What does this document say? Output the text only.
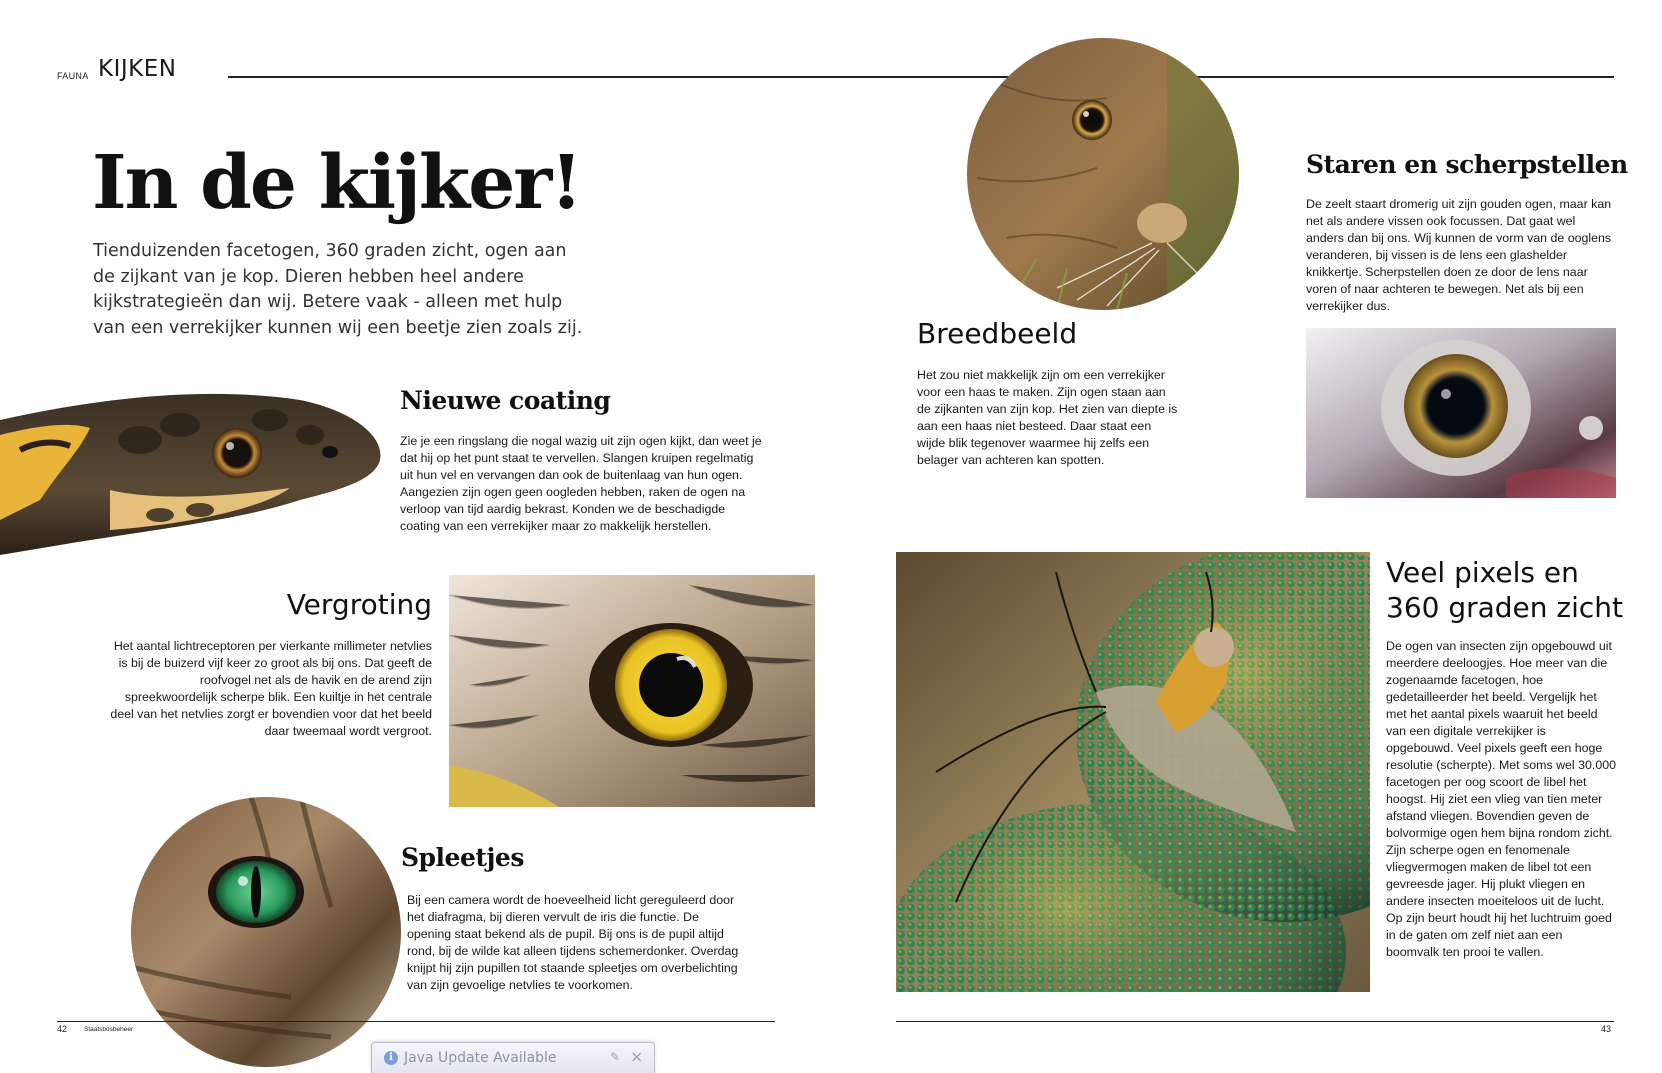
FAUNA KIJKEN
In de kijker!
Tienduizenden facetogen, 360 graden zicht, ogen aan de zijkant van je kop. Dieren hebben heel andere kijkstrategieën dan wij. Betere vaak - alleen met hulp van een verrekijker kunnen wij een beetje zien zoals zij.
Nieuwe coating
Zie je een ringslang die nogal wazig uit zijn ogen kijkt, dan weet je dat hij op het punt staat te vervellen. Slangen kruipen regelmatig uit hun vel en vervangen dan ook de buitenlaag van hun ogen. Aangezien zijn ogen geen oogleden hebben, raken de ogen na verloop van tijd aardig bekrast. Konden we de beschadigde coating van een verrekijker maar zo makkelijk herstellen.
Vergroting
Het aantal lichtreceptoren per vierkante millimeter netvlies is bij de buizerd vijf keer zo groot als bij ons. Dat geeft de roofvogel net als de havik en de arend zijn spreekwoordelijk scherpe blik. Een kuiltje in het centrale deel van het netvlies zorgt er bovendien voor dat het beeld daar tweemaal wordt vergroot.
Spleetjes
Bij een camera wordt de hoeveelheid licht gereguleerd door het diafragma, bij dieren vervult de iris die functie. De opening staat bekend als de pupil. Bij ons is de pupil altijd rond, bij de wilde kat alleen tijdens schemerdonker. Overdag knijpt hij zijn pupillen tot staande spleetjes om overbelichting van zijn gevoelige netvlies te voorkomen.
Breedbeeld
Het zou niet makkelijk zijn om een verrekijker voor een haas te maken. Zijn ogen staan aan de zijkanten van zijn kop. Het zien van diepte is aan een haas niet besteed. Daar staat een wijde blik tegenover waarmee hij zelfs een belager van achteren kan spotten.
Staren en scherpstellen
De zeelt staart dromerig uit zijn gouden ogen, maar kan net als andere vissen ook focussen. Dat gaat wel anders dan bij ons. Wij kunnen de vorm van de ooglens veranderen, bij vissen is de lens een glashelder knikkertje. Scherpstellen doen ze door de lens naar voren of naar achteren te bewegen. Net als bij een verrekijker dus.
Veel pixels en
360 graden zicht
De ogen van insecten zijn opgebouwd uit meerdere deeloogjes. Hoe meer van die zogenaamde facetogen, hoe gedetailleerder het beeld. Vergelijk het met het aantal pixels waaruit het beeld van een digitale verrekijker is opgebouwd. Veel pixels geeft een hoge resolutie (scherpte). Met soms wel 30.000 facetogen per oog scoort de libel het hoogst. Hij ziet een vlieg van tien meter afstand vliegen. Bovendien geven de bolvormige ogen hem bijna rondom zicht. Zijn scherpe ogen en fenomenale vliegvermogen maken de libel tot een gevreesde jager. Hij plukt vliegen en andere insecten moeiteloos uit de lucht. Op zijn beurt houdt hij het luchtruim goed in de gaten om zelf niet aan een boomvalk ten prooi te vallen.
42	Staatsbosbeheer	43
i Java Update Available	✎ ×
